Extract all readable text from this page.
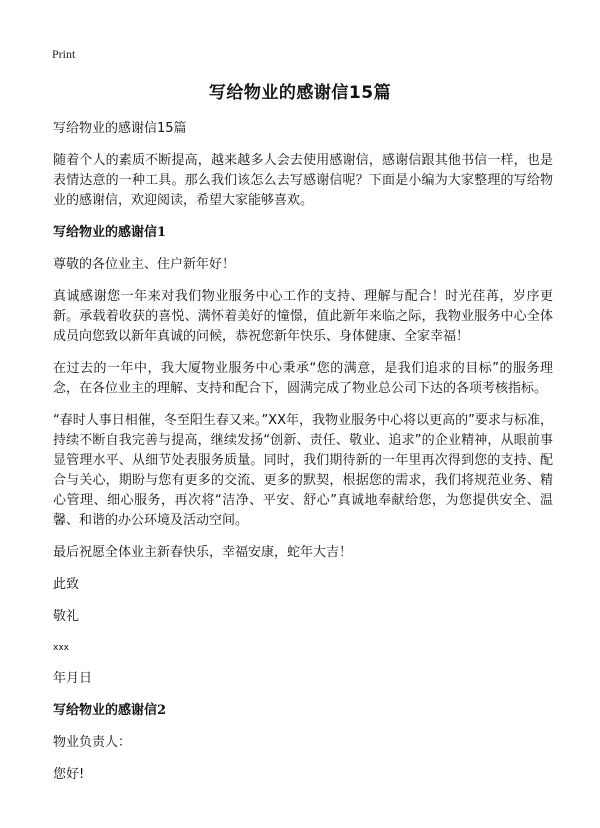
Print
写给物业的感谢信15篇

写给物业的感谢信15篇

随着个人的素质不断提高，越来越多人会去使用感谢信，感谢信跟其他书信一样，也是表情达意的一种工具。那么我们该怎么去写感谢信呢？下面是小编为大家整理的写给物业的感谢信，欢迎阅读，希望大家能够喜欢。

写给物业的感谢信1

尊敬的各位业主、住户新年好！

真诚感谢您一年来对我们物业服务中心工作的支持、理解与配合！时光荏苒，岁序更新。承载着收获的喜悦、满怀着美好的憧憬，值此新年来临之际，我物业服务中心全体成员向您致以新年真诚的问候，恭祝您新年快乐、身体健康、全家幸福！

在过去的一年中，我大厦物业服务中心秉承“您的满意，是我们追求的目标”的服务理念，在各位业主的理解、支持和配合下，圆满完成了物业总公司下达的各项考核指标。

“春时人事日相催，冬至阳生春又来。”XX年，我物业服务中心将以更高的”要求与标准，持续不断自我完善与提高，继续发扬“创新、责任、敬业、追求”的企业精神，从眼前事显管理水平、从细节处表服务质量。同时，我们期待新的一年里再次得到您的支持、配合与关心，期盼与您有更多的交流、更多的默契，根据您的需求，我们将规范业务、精心管理、细心服务，再次将“洁净、平安、舒心”真诚地奉献给您，为您提供安全、温馨、和谐的办公环境及活动空间。

最后祝愿全体业主新春快乐，幸福安康，蛇年大吉！

此致

敬礼

xxx

年月日

写给物业的感谢信2

物业负责人：

您好!
